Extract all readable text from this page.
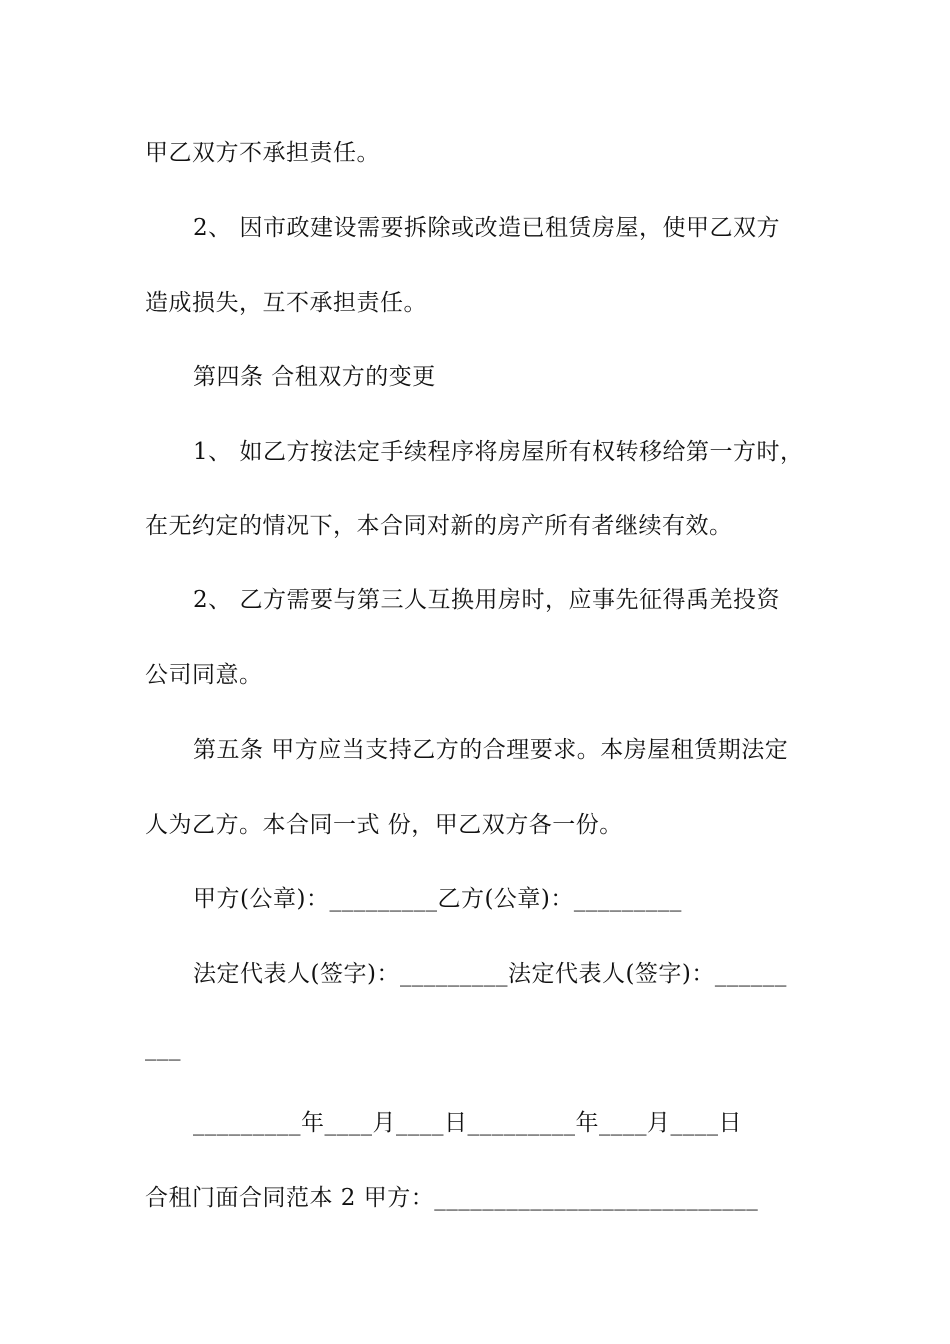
甲乙双方不承担责任。
2、 因市政建设需要拆除或改造已租赁房屋，使甲乙双方
造成损失，互不承担责任。
第四条 合租双方的变更
1、 如乙方按法定手续程序将房屋所有权转移给第一方时，
在无约定的情况下，本合同对新的房产所有者继续有效。
2、 乙方需要与第三人互换用房时，应事先征得禹羌投资
公司同意。
第五条 甲方应当支持乙方的合理要求。本房屋租赁期法定
人为乙方。本合同一式 份，甲乙双方各一份。
甲方(公章)：_________乙方(公章)：_________
法定代表人(签字)：_________法定代表人(签字)：______
___
_________年____月____日_________年____月____日
合租门面合同范本 2 甲方：___________________________
